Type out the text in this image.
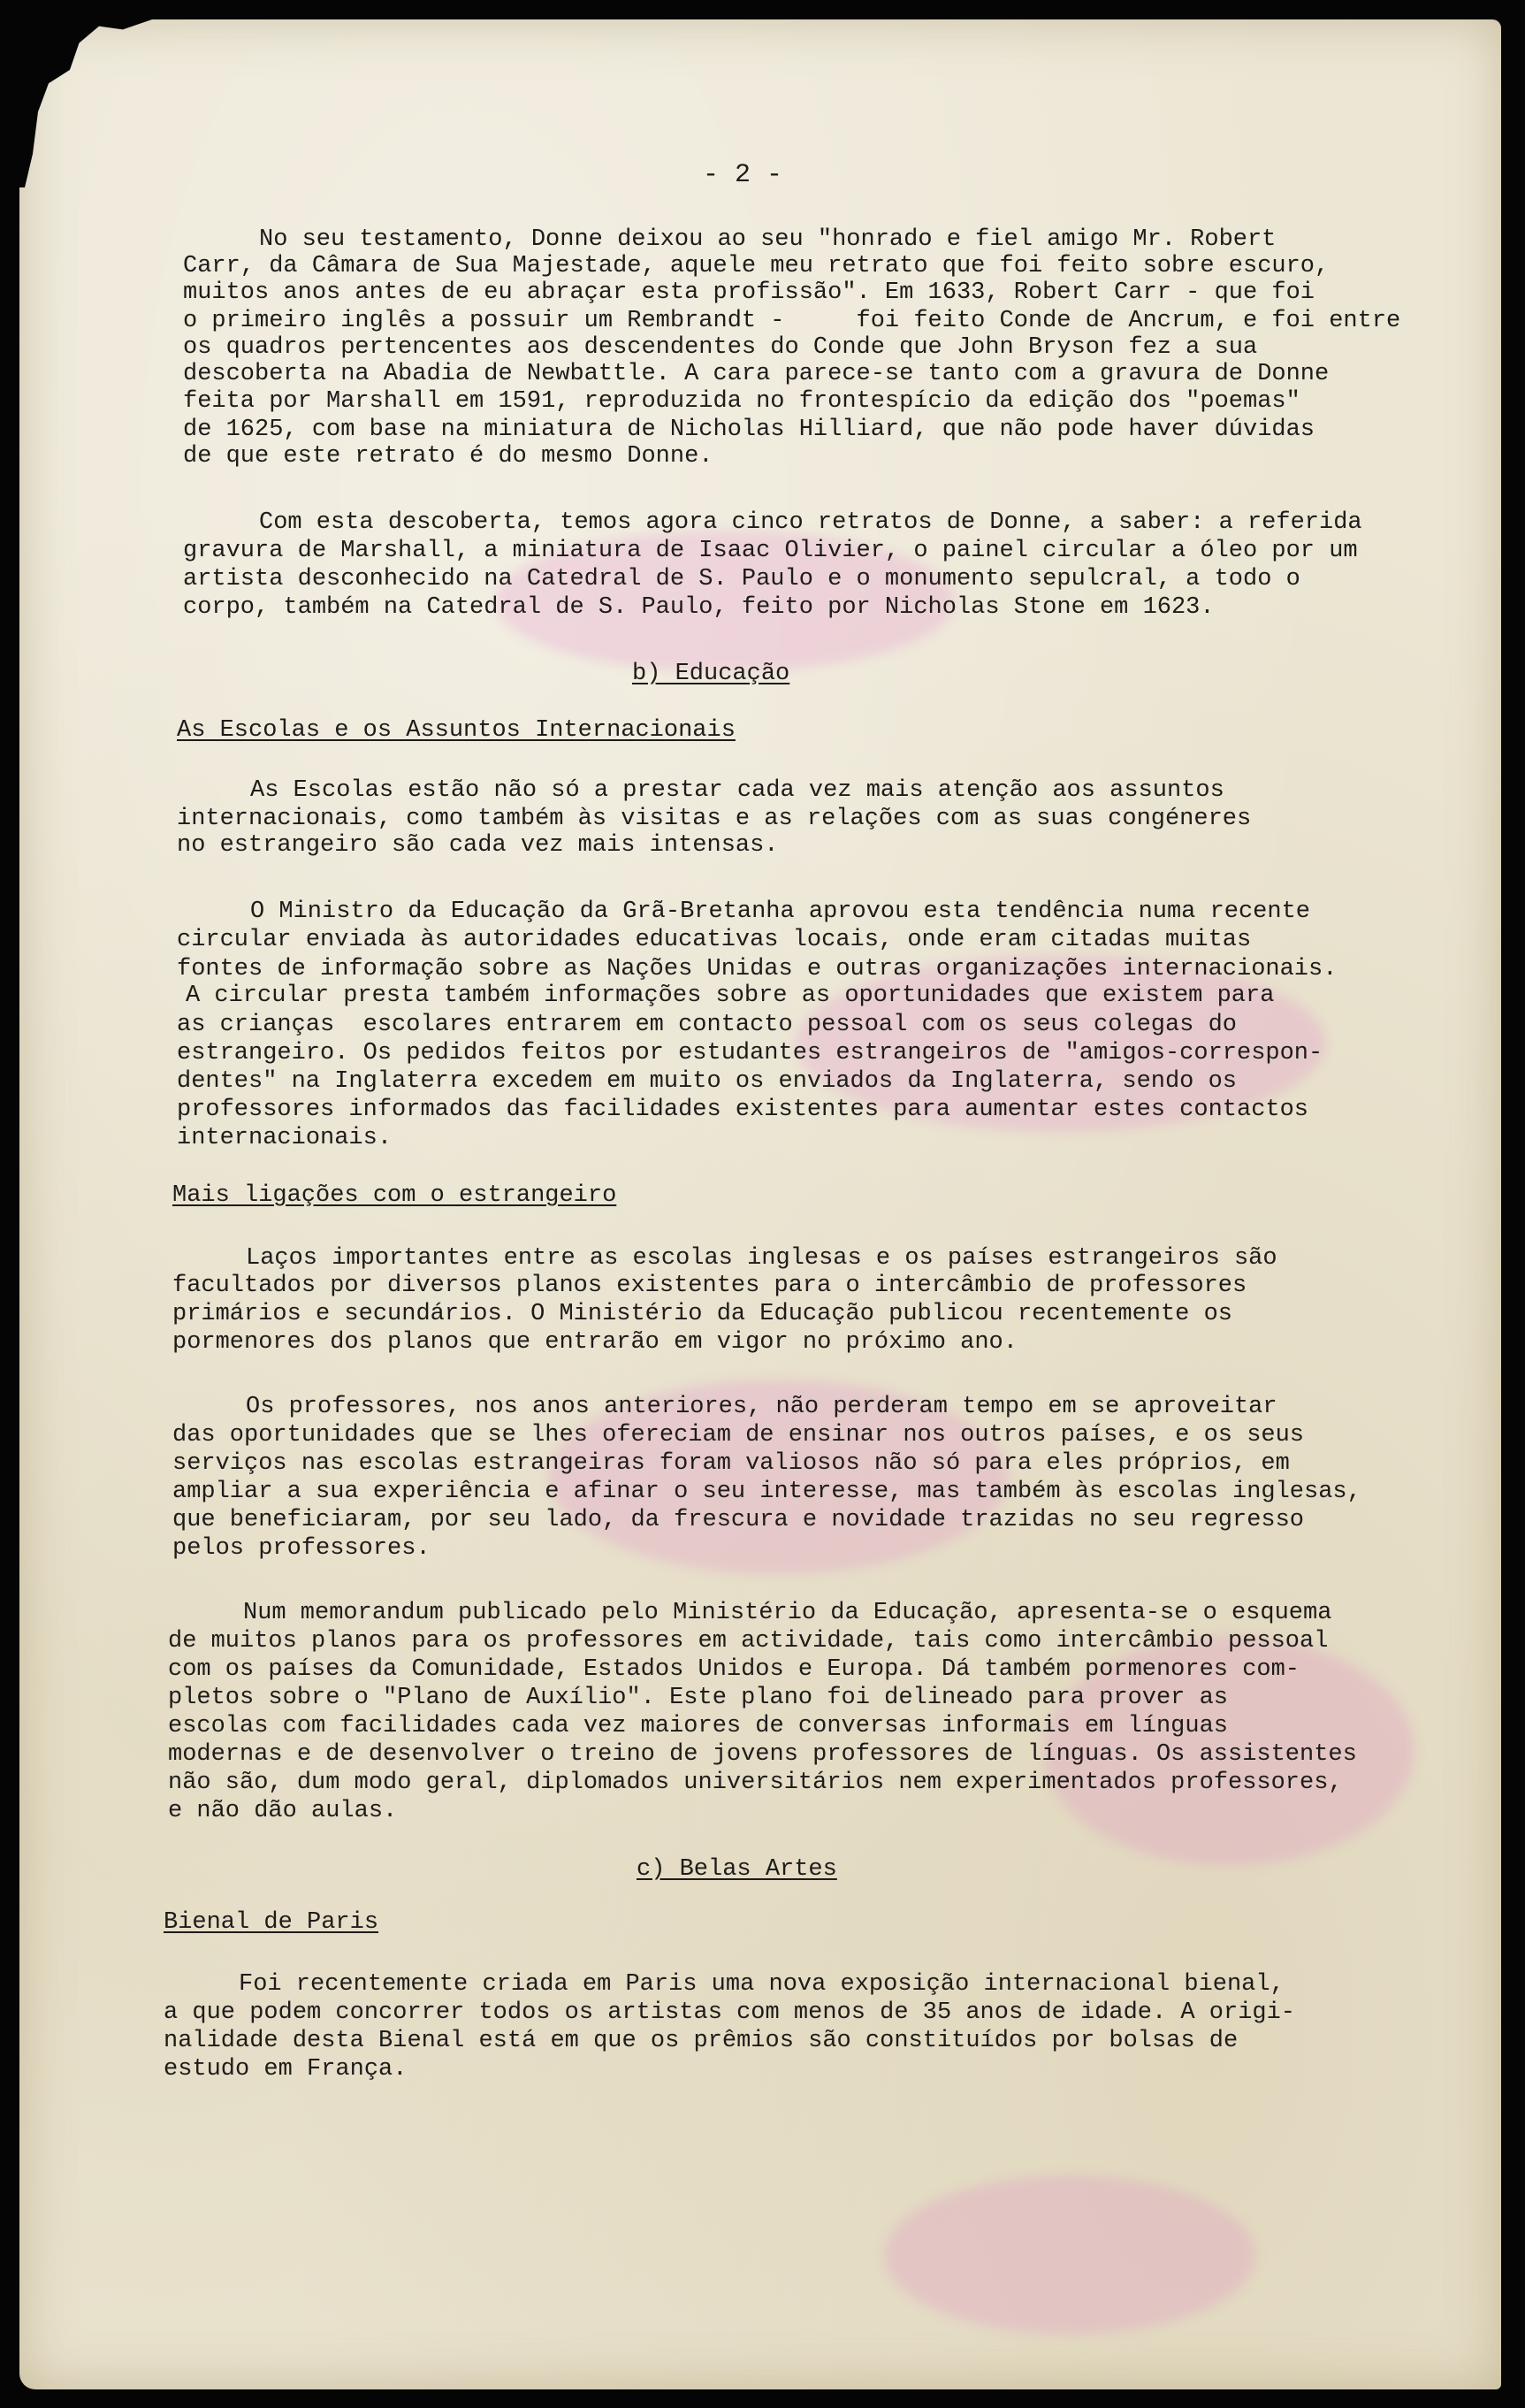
- 2 -

No seu testamento, Donne deixou ao seu "honrado e fiel amigo Mr. Robert

Carr, da Câmara de Sua Majestade, aquele meu retrato que foi feito sobre escuro,

muitos anos antes de eu abraçar esta profissão". Em 1633, Robert Carr - que foi

o primeiro inglês a possuir um Rembrandt -     foi feito Conde de Ancrum, e foi entre

os quadros pertencentes aos descendentes do Conde que John Bryson fez a sua

descoberta na Abadia de Newbattle. A cara parece-se tanto com a gravura de Donne

feita por Marshall em 1591, reproduzida no frontespício da edição dos "poemas"

de 1625, com base na miniatura de Nicholas Hilliard, que não pode haver dúvidas

de que este retrato é do mesmo Donne.

Com esta descoberta, temos agora cinco retratos de Donne, a saber: a referida

gravura de Marshall, a miniatura de Isaac Olivier, o painel circular a óleo por um

artista desconhecido na Catedral de S. Paulo e o monumento sepulcral, a todo o

corpo, também na Catedral de S. Paulo, feito por Nicholas Stone em 1623.

b) Educação

As Escolas e os Assuntos Internacionais

As Escolas estão não só a prestar cada vez mais atenção aos assuntos

internacionais, como também às visitas e as relações com as suas congéneres

no estrangeiro são cada vez mais intensas.

O Ministro da Educação da Grã-Bretanha aprovou esta tendência numa recente

circular enviada às autoridades educativas locais, onde eram citadas muitas

fontes de informação sobre as Nações Unidas e outras organizações internacionais.

A circular presta também informações sobre as oportunidades que existem para

as crianças  escolares entrarem em contacto pessoal com os seus colegas do

estrangeiro. Os pedidos feitos por estudantes estrangeiros de "amigos-correspon-

dentes" na Inglaterra excedem em muito os enviados da Inglaterra, sendo os

professores informados das facilidades existentes para aumentar estes contactos

internacionais.

Mais ligações com o estrangeiro

Laços importantes entre as escolas inglesas e os países estrangeiros são

facultados por diversos planos existentes para o intercâmbio de professores

primários e secundários. O Ministério da Educação publicou recentemente os

pormenores dos planos que entrarão em vigor no próximo ano.

Os professores, nos anos anteriores, não perderam tempo em se aproveitar

das oportunidades que se lhes ofereciam de ensinar nos outros países, e os seus

serviços nas escolas estrangeiras foram valiosos não só para eles próprios, em

ampliar a sua experiência e afinar o seu interesse, mas também às escolas inglesas,

que beneficiaram, por seu lado, da frescura e novidade trazidas no seu regresso

pelos professores.

Num memorandum publicado pelo Ministério da Educação, apresenta-se o esquema

de muitos planos para os professores em actividade, tais como intercâmbio pessoal

com os países da Comunidade, Estados Unidos e Europa. Dá também pormenores com-

pletos sobre o "Plano de Auxílio". Este plano foi delineado para prover as

escolas com facilidades cada vez maiores de conversas informais em línguas

modernas e de desenvolver o treino de jovens professores de línguas. Os assistentes

não são, dum modo geral, diplomados universitários nem experimentados professores,

e não dão aulas.

c) Belas Artes

Bienal de Paris

Foi recentemente criada em Paris uma nova exposição internacional bienal,

a que podem concorrer todos os artistas com menos de 35 anos de idade. A origi-

nalidade desta Bienal está em que os prêmios são constituídos por bolsas de

estudo em França.
